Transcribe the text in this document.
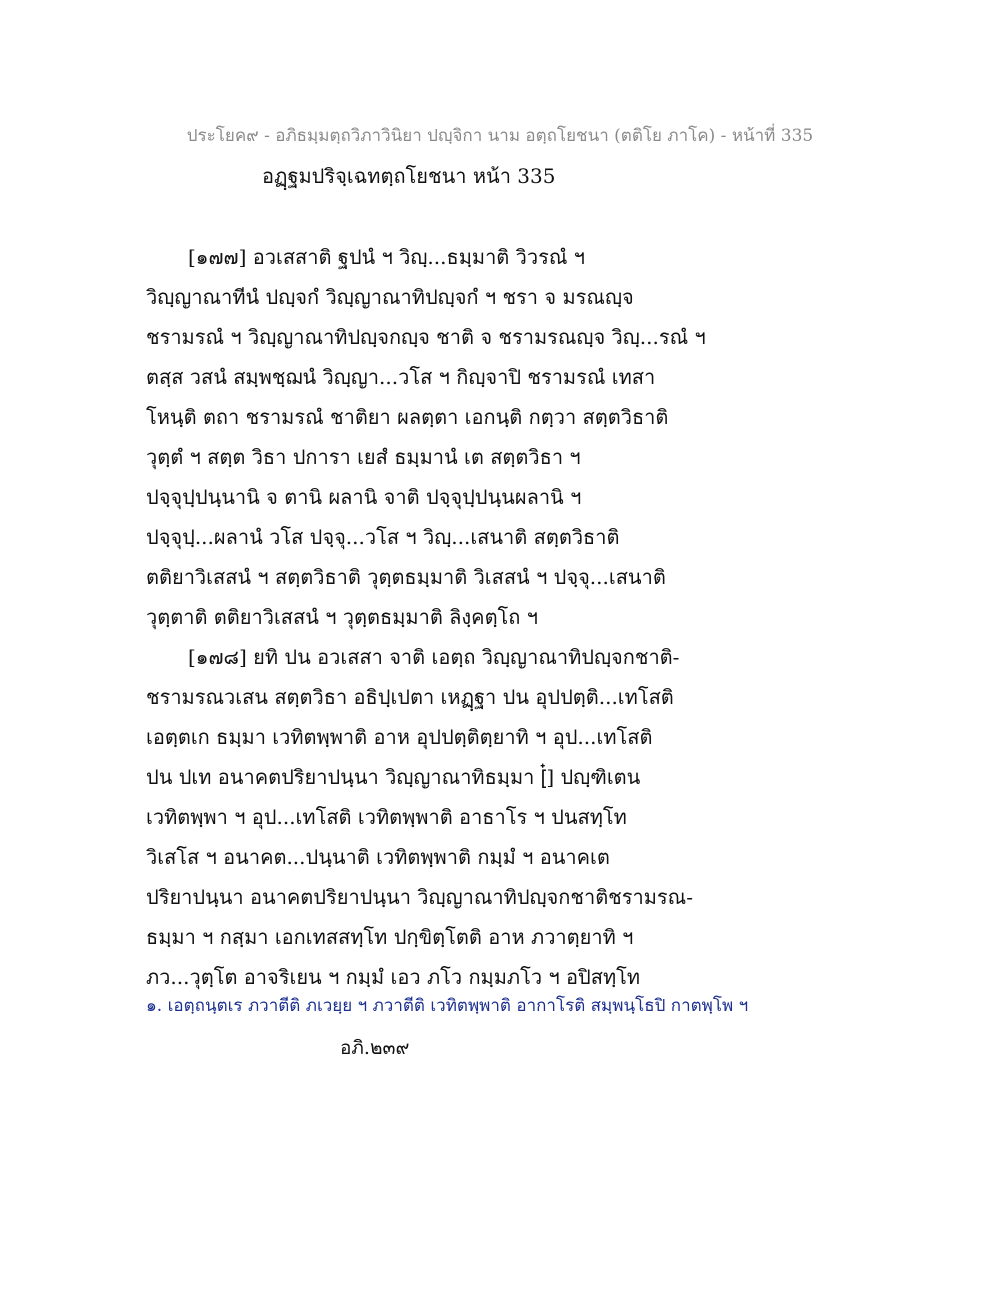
ประโยค๙ - อภิธมฺมตฺถวิภาวินิยา ปญฺจิกา นาม อตฺถโยชนา (ตติโย ภาโค) - หน้าที่ 335
อฏฺฐมปริจฺเฉทตฺถโยชนา หน้า 335
[๑๗๗] อวเสสาติ ฐปนํ ฯ วิญฺ...ธมฺมาติ วิวรณํ ฯ
วิญฺญาณาทีนํ ปญฺจกํ วิญฺญาณาทิปญฺจกํ ฯ ชรา จ มรณญฺจ
ชรามรณํ ฯ วิญฺญาณาทิปญฺจกญฺจ ชาติ จ ชรามรณญฺจ วิญฺ...รณํ ฯ
ตสฺส วสนํ สมฺพชฺฌนํ วิญฺญา...วโส ฯ กิญฺจาปิ ชรามรณํ เทสา
โหนฺติ ตถา ชรามรณํ ชาติยา ผลตฺตา เอกนฺติ กตฺวา สตฺตวิธาติ
วุตฺตํ ฯ สตฺต วิธา ปการา เยสํ ธมฺมานํ เต สตฺตวิธา ฯ
ปจฺจุปฺปนฺนานิ จ ตานิ ผลานิ จาติ ปจฺจุปฺปนฺนผลานิ ฯ
ปจฺจุปฺ...ผลานํ วโส ปจฺจุ...วโส ฯ วิญฺ...เสนาติ สตฺตวิธาติ
ตติยาวิเสสนํ ฯ สตฺตวิธาติ วุตฺตธมฺมาติ วิเสสนํ ฯ ปจฺจุ...เสนาติ
วุตฺตาติ ตติยาวิเสสนํ ฯ วุตฺตธมฺมาติ ลิงฺคตฺโถ ฯ
[๑๗๘] ยทิ ปน อวเสสา จาติ เอตฺถ วิญฺญาณาทิปญฺจกชาติ-
ชรามรณวเสน สตฺตวิธา อธิปฺเปตา เหฏฺฐา ปน อุปปตฺติ...เทโสติ
เอตฺตเก ธมฺมา เวทิตพฺพาติ อาห อุปปตฺติตฺยาทิ ฯ อุป...เทโสติ
ปน ปเท อนาคตปริยาปนฺนา วิญฺญาณาทิธมฺมา [๋] ปญฺฑิเตน
เวทิตพฺพา ฯ อุป...เทโสติ เวทิตพฺพาติ อาธาโร ฯ ปนสทฺโท
วิเสโส ฯ อนาคต...ปนฺนาติ เวทิตพฺพาติ กมฺมํ ฯ อนาคเต
ปริยาปนฺนา อนาคตปริยาปนฺนา วิญฺญาณาทิปญฺจกชาติชรามรณ-
ธมฺมา ฯ กสฺมา เอกเทสสทฺโท ปกฺขิตฺโตติ อาห ภวาตฺยาทิ ฯ
ภว...วุตฺโต อาจริเยน ฯ กมฺมํ เอว ภโว กมฺมภโว ฯ อปิสทฺโท
๑. เอตฺถนฺตเร ภวาตีติ ภเวยฺย ฯ ภวาตีติ เวทิตพฺพาติ อากาโรติ สมฺพนฺโธปิ กาตพฺโพ ฯ
อภิ.๒๓๙
